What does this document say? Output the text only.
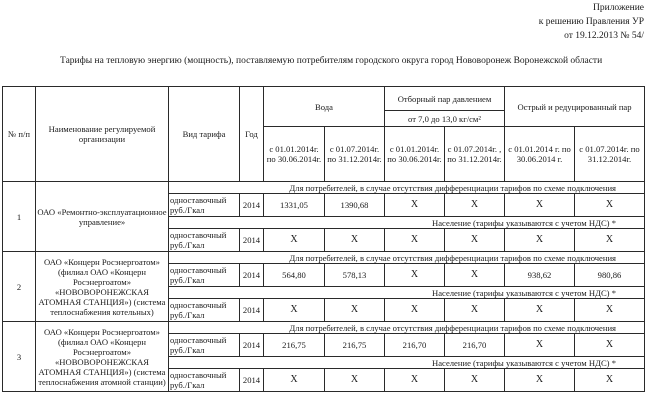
Приложение
к решению Правления УР
от 19.12.2013 № 54/
Тарифы на тепловую энергию (мощность), поставляемую потребителям городского округа город Нововоронеж Воронежской области
№ п/п	Наименование регулируемой организации	Вид тарифа	Год	Вода		Отборный пар давлением		Острый и редуцированный пар	
						от 7,0 до 13,0 кг/см²			
				с 01.01.2014г. по 30.06.2014г.	с 01.07.2014г. по 31.12.2014г.	с 01.01.2014г. по 30.06.2014г.	с 01.07.2014г. , по 31.12.2014г.	с 01.01.2014 г. по 30.06.2014 г.	с 01.07.2014г. по 31.12.2014г.
1	ОАО «Ремонтно-эксплуатационное управление»	Для потребителей, в случае отсутствия дифференциации тарифов по схеме подключения							
		одноставочный руб./Гкал	2014	1331,05	1390,68	X	X	X	X
		Население (тарифы указываются с учетом НДС) *							
		одноставочный руб./Гкал	2014	X	X	X	X	X	X
2	ОАО «Концерн Росэнергоатом» (филиал ОАО «Концерн Росэнергоатом» «НОВОВОРОНЕЖСКАЯ АТОМНАЯ СТАНЦИЯ») (система теплоснабжения котельных)	Для потребителей, в случае отсутствия дифференциации тарифов по схеме подключения							
		одноставочный руб./Гкал	2014	564,80	578,13	X	X	938,62	980,86
		Население (тарифы указываются с учетом НДС) *							
		одноставочный руб./Гкал	2014	X	X	X	X	X	X
3	ОАО «Концерн Росэнергоатом» (филиал ОАО «Концерн Росэнергоатом» «НОВОВОРОНЕЖСКАЯ АТОМНАЯ СТАНЦИЯ») (система теплоснабжения атомной станции)	Для потребителей, в случае отсутствия дифференциации тарифов по схеме подключения							
		одноставочный руб./Гкал	2014	216,75	216,75	216,70	216,70	X	X
		Население (тарифы указываются с учетом НДС) *							
		одноставочный руб./Гкал	2014	X	X	X	X	X	X
